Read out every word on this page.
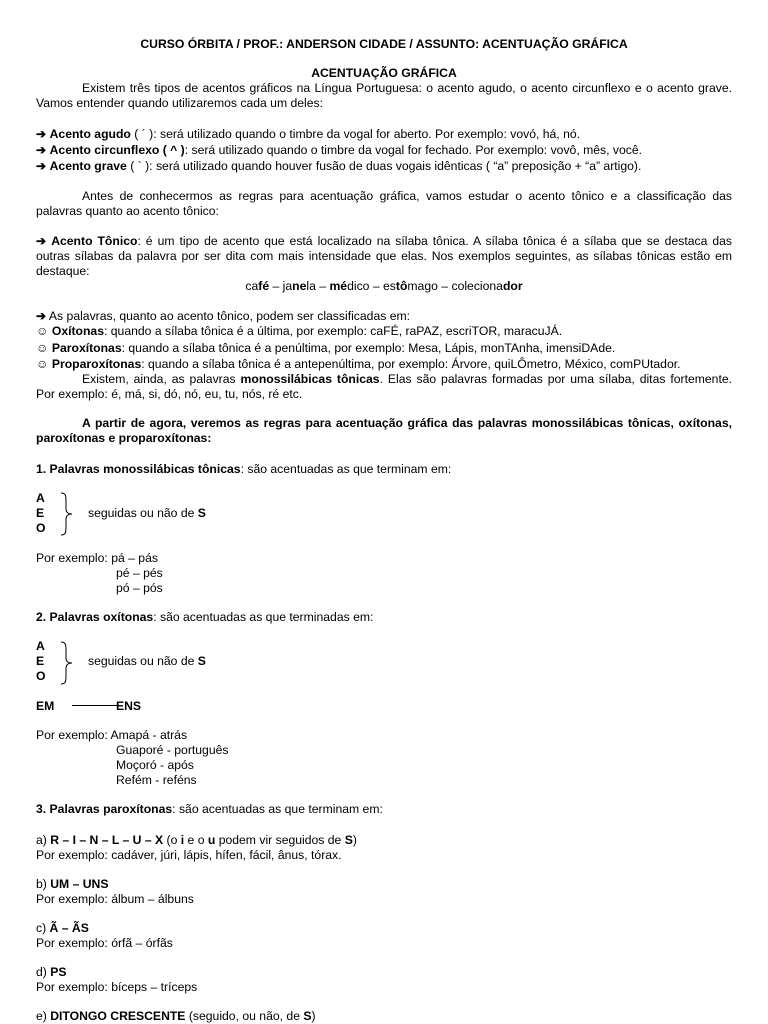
CURSO ÓRBITA / PROF.: ANDERSON CIDADE / ASSUNTO: ACENTUAÇÃO GRÁFICA
ACENTUAÇÃO GRÁFICA
Existem três tipos de acentos gráficos na Língua Portuguesa: o acento agudo, o acento circunflexo e o acento grave. Vamos entender quando utilizaremos cada um deles:
➔ Acento agudo ( ´ ): será utilizado quando o timbre da vogal for aberto. Por exemplo: vovó, há, nó.
➔ Acento circunflexo ( ^ ): será utilizado quando o timbre da vogal for fechado. Por exemplo: vovô, mês, você.
➔ Acento grave ( ` ): será utilizado quando houver fusão de duas vogais idênticas ( “a” preposição + “a” artigo).
Antes de conhecermos as regras para acentuação gráfica, vamos estudar o acento tônico e a classificação das palavras quanto ao acento tônico:
➔ Acento Tônico: é um tipo de acento que está localizado na sílaba tônica. A sílaba tônica é a sílaba que se destaca das outras sílabas da palavra por ser dita com mais intensidade que elas. Nos exemplos seguintes, as sílabas tônicas estão em destaque:
café – janela – médico – estômago – colecionador
➔ As palavras, quanto ao acento tônico, podem ser classificadas em:
☺ Oxítonas: quando a sílaba tônica é a última, por exemplo: caFÉ, raPAZ, escriTOR, maracuJÁ.
☺ Paroxítonas: quando a sílaba tônica é a penúltima, por exemplo: Mesa, Lápis, monTAnha, imensiDAde.
☺ Proparoxítonas: quando a sílaba tônica é a antepenúltima, por exemplo: Árvore, quiLÔmetro, México, comPUtador.
Existem, ainda, as palavras monossilábicas tônicas. Elas são palavras formadas por uma sílaba, ditas fortemente. Por exemplo: é, má, si, dó, nó, eu, tu, nós, ré etc.
A partir de agora, veremos as regras para acentuação gráfica das palavras monossilábicas tônicas, oxítonas, paroxítonas e proparoxítonas:
1. Palavras monossilábicas tônicas: são acentuadas as que terminam em:
A
E
O
seguidas ou não de S
Por exemplo: pá – pás
pé – pés
pó – pós
2. Palavras oxítonas: são acentuadas as que terminadas em:
A
E
O
seguidas ou não de S
EM	ENS
Por exemplo: Amapá - atrás
Guaporé - português
Moçoró - após
Refém - reféns
3. Palavras paroxítonas: são acentuadas as que terminam em:
a) R – I – N – L – U – X (o i e o u podem vir seguidos de S)
Por exemplo: cadáver, júri, lápis, hífen, fácil, ânus, tórax.
b) UM – UNS
Por exemplo: álbum – álbuns
c) Ã – ÃS
Por exemplo: órfã – órfãs
d) PS
Por exemplo: bíceps – tríceps
e) DITONGO CRESCENTE (seguido, ou não, de S)
